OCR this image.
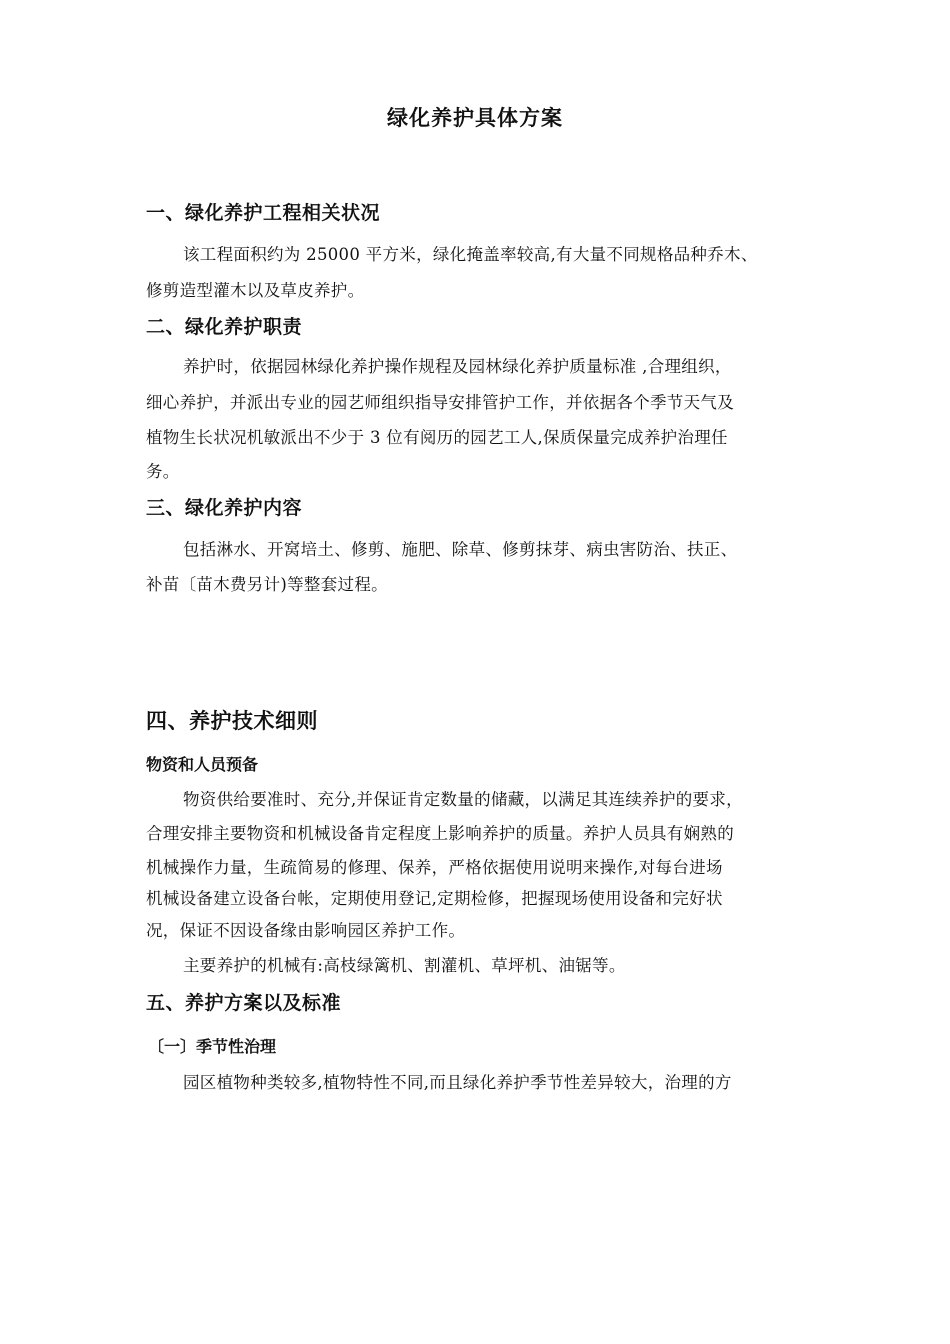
绿化养护具体方案
一、绿化养护工程相关状况
该工程面积约为 25000 平方米，绿化掩盖率较高,有大量不同规格品种乔木、
修剪造型灌木以及草皮养护。
二、绿化养护职责
养护时，依据园林绿化养护操作规程及园林绿化养护质量标准 ,合理组织，
细心养护，并派出专业的园艺师组织指导安排管护工作，并依据各个季节天气及
植物生长状况机敏派出不少于 3 位有阅历的园艺工人,保质保量完成养护治理任
务。
三、绿化养护内容
包括淋水、开窝培土、修剪、施肥、除草、修剪抹芽、病虫害防治、扶正、
补苗〔苗木费另计)等整套过程。
四、养护技术细则
物资和人员预备
物资供给要准时、充分,并保证肯定数量的储藏，以满足其连续养护的要求，
合理安排主要物资和机械设备肯定程度上影响养护的质量。养护人员具有娴熟的
机械操作力量，生疏简易的修理、保养，严格依据使用说明来操作,对每台进场
机械设备建立设备台帐，定期使用登记,定期检修，把握现场使用设备和完好状
况，保证不因设备缘由影响园区养护工作。
主要养护的机械有:高枝绿篱机、割灌机、草坪机、油锯等。
五、养护方案以及标准
〔一〕季节性治理
园区植物种类较多,植物特性不同,而且绿化养护季节性差异较大，治理的方
